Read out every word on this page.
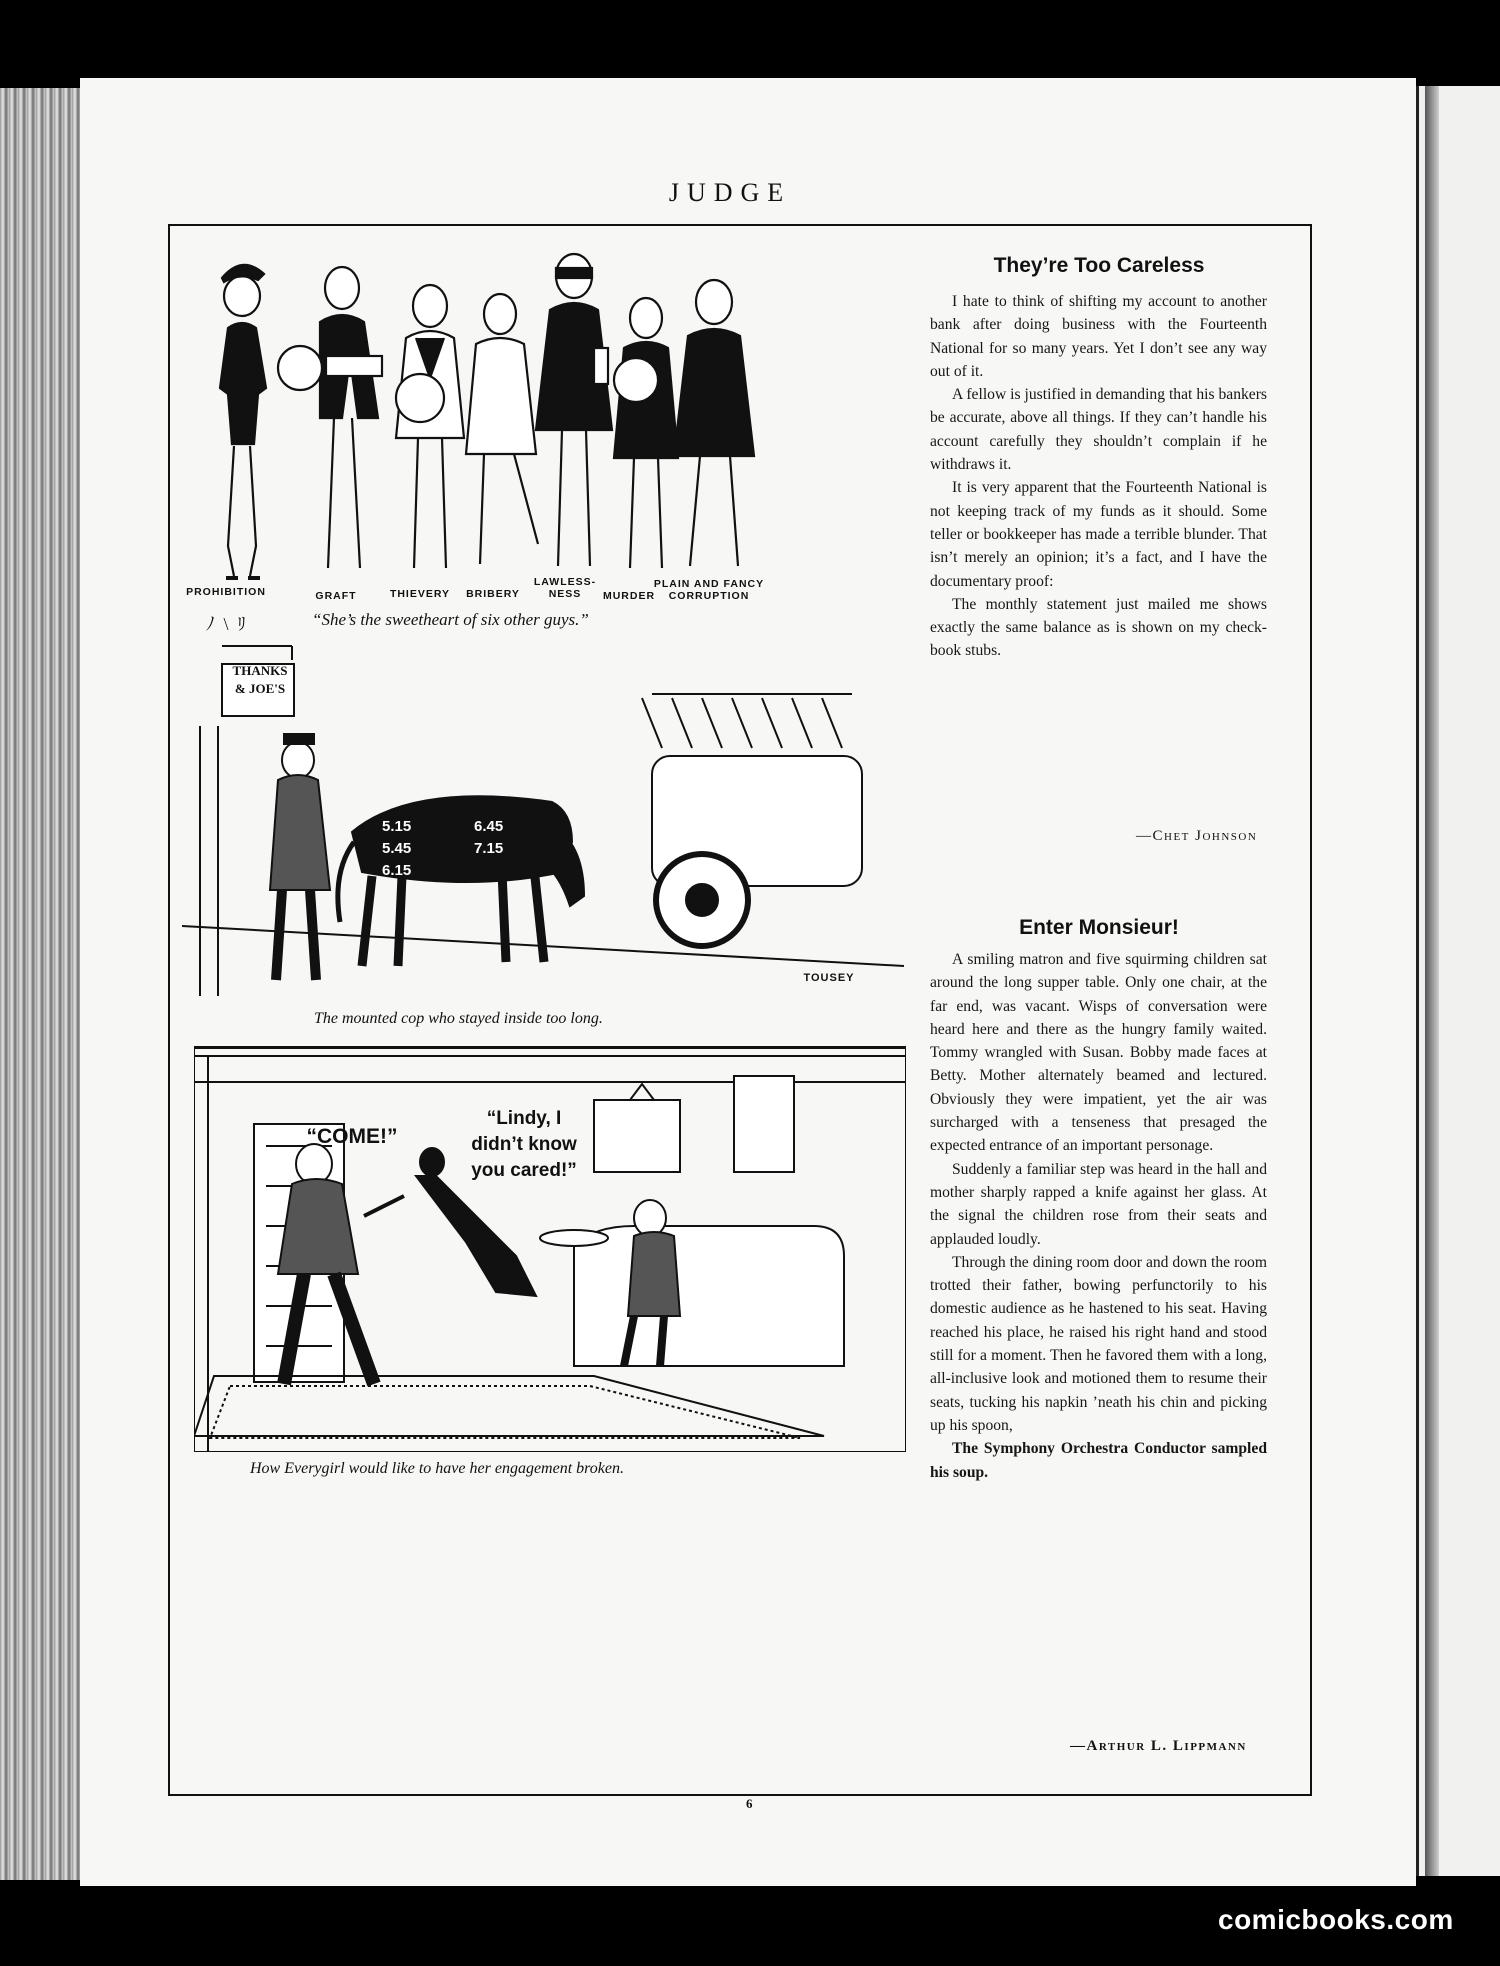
JUDGE
PROHIBITION	GRAFT	THIEVERY	BRIBERY
LAWLESS-
NESS	MURDER
PLAIN AND FANCY
CORRUPTION
ﾉ \ ﾘ	“She’s the sweetheart of six other guys.”
THANKS
& JOE'S
5.15
5.45
6.15
6.45
7.15
TOUSEY
The mounted cop who stayed inside too long.
“COME!”
“Lindy, I
didn’t know
you cared!”
How Everygirl would like to have her engagement broken.
They’re Too Careless

I hate to think of shifting my account to another bank after doing business with the Fourteenth National for so many years. Yet I don’t see any way out of it.

A fellow is justified in demanding that his bankers be accurate, above all things. If they can’t handle his account carefully they shouldn’t complain if he withdraws it.

It is very apparent that the Fourteenth National is not keeping track of my funds as it should. Some teller or bookkeeper has made a terrible blunder. That isn’t merely an opinion; it’s a fact, and I have the documentary proof:

The monthly statement just mailed me shows exactly the same balance as is shown on my check-book stubs.

—Chet Johnson
Enter Monsieur!

A smiling matron and five squirming children sat around the long supper table. Only one chair, at the far end, was vacant. Wisps of conversation were heard here and there as the hungry family waited. Tommy wrangled with Susan. Bobby made faces at Betty. Mother alternately beamed and lectured. Obviously they were impatient, yet the air was surcharged with a tenseness that presaged the expected entrance of an important personage.

Suddenly a familiar step was heard in the hall and mother sharply rapped a knife against her glass. At the signal the children rose from their seats and applauded loudly.

Through the dining room door and down the room trotted their father, bowing perfunctorily to his domestic audience as he hastened to his seat. Having reached his place, he raised his right hand and stood still for a moment. Then he favored them with a long, all-inclusive look and motioned them to resume their seats, tucking his napkin ’neath his chin and picking up his spoon,

The Symphony Orchestra Conductor sampled his soup.

—Arthur L. Lippmann
6
comicbooks.com
